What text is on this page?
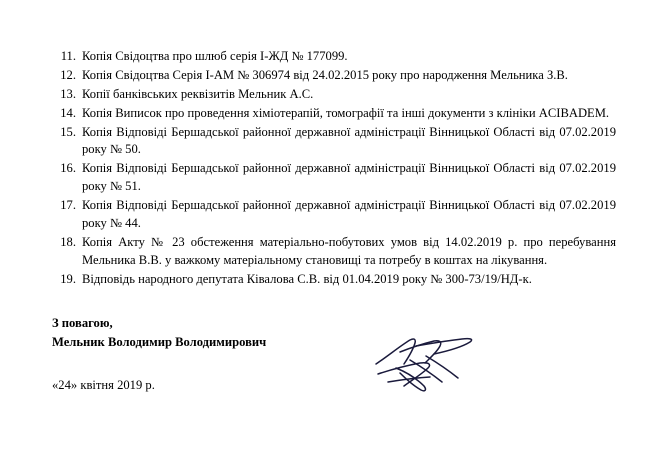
11. Копія Свідоцтва про шлюб серія І-ЖД № 177099.
12. Копія Свідоцтва Серія І-АМ № 306974 від 24.02.2015 року про народження Мельника З.В.
13. Копії банківських реквізитів Мельник А.С.
14. Копія Виписок про проведення хіміотерапій, томографії та інші документи з клініки ACIBADEM.
15. Копія Відповіді Бершадської районної державної адміністрації Вінницької Області від 07.02.2019 року № 50.
16. Копія Відповіді Бершадської районної державної адміністрації Вінницької Області від 07.02.2019 року № 51.
17. Копія Відповіді Бершадської районної державної адміністрації Вінницької Області від 07.02.2019 року № 44.
18. Копія Акту № 23 обстеження матеріально-побутових умов від 14.02.2019 р. про перебування Мельника В.В. у важкому матеріальному становищі та потребу в коштах на лікування.
19. Відповідь народного депутата Ківалова С.В. від 01.04.2019 року № 300-73/19/НД-к.
З повагою,
Мельник Володимир Володимирович
«24» квітня 2019 р.
